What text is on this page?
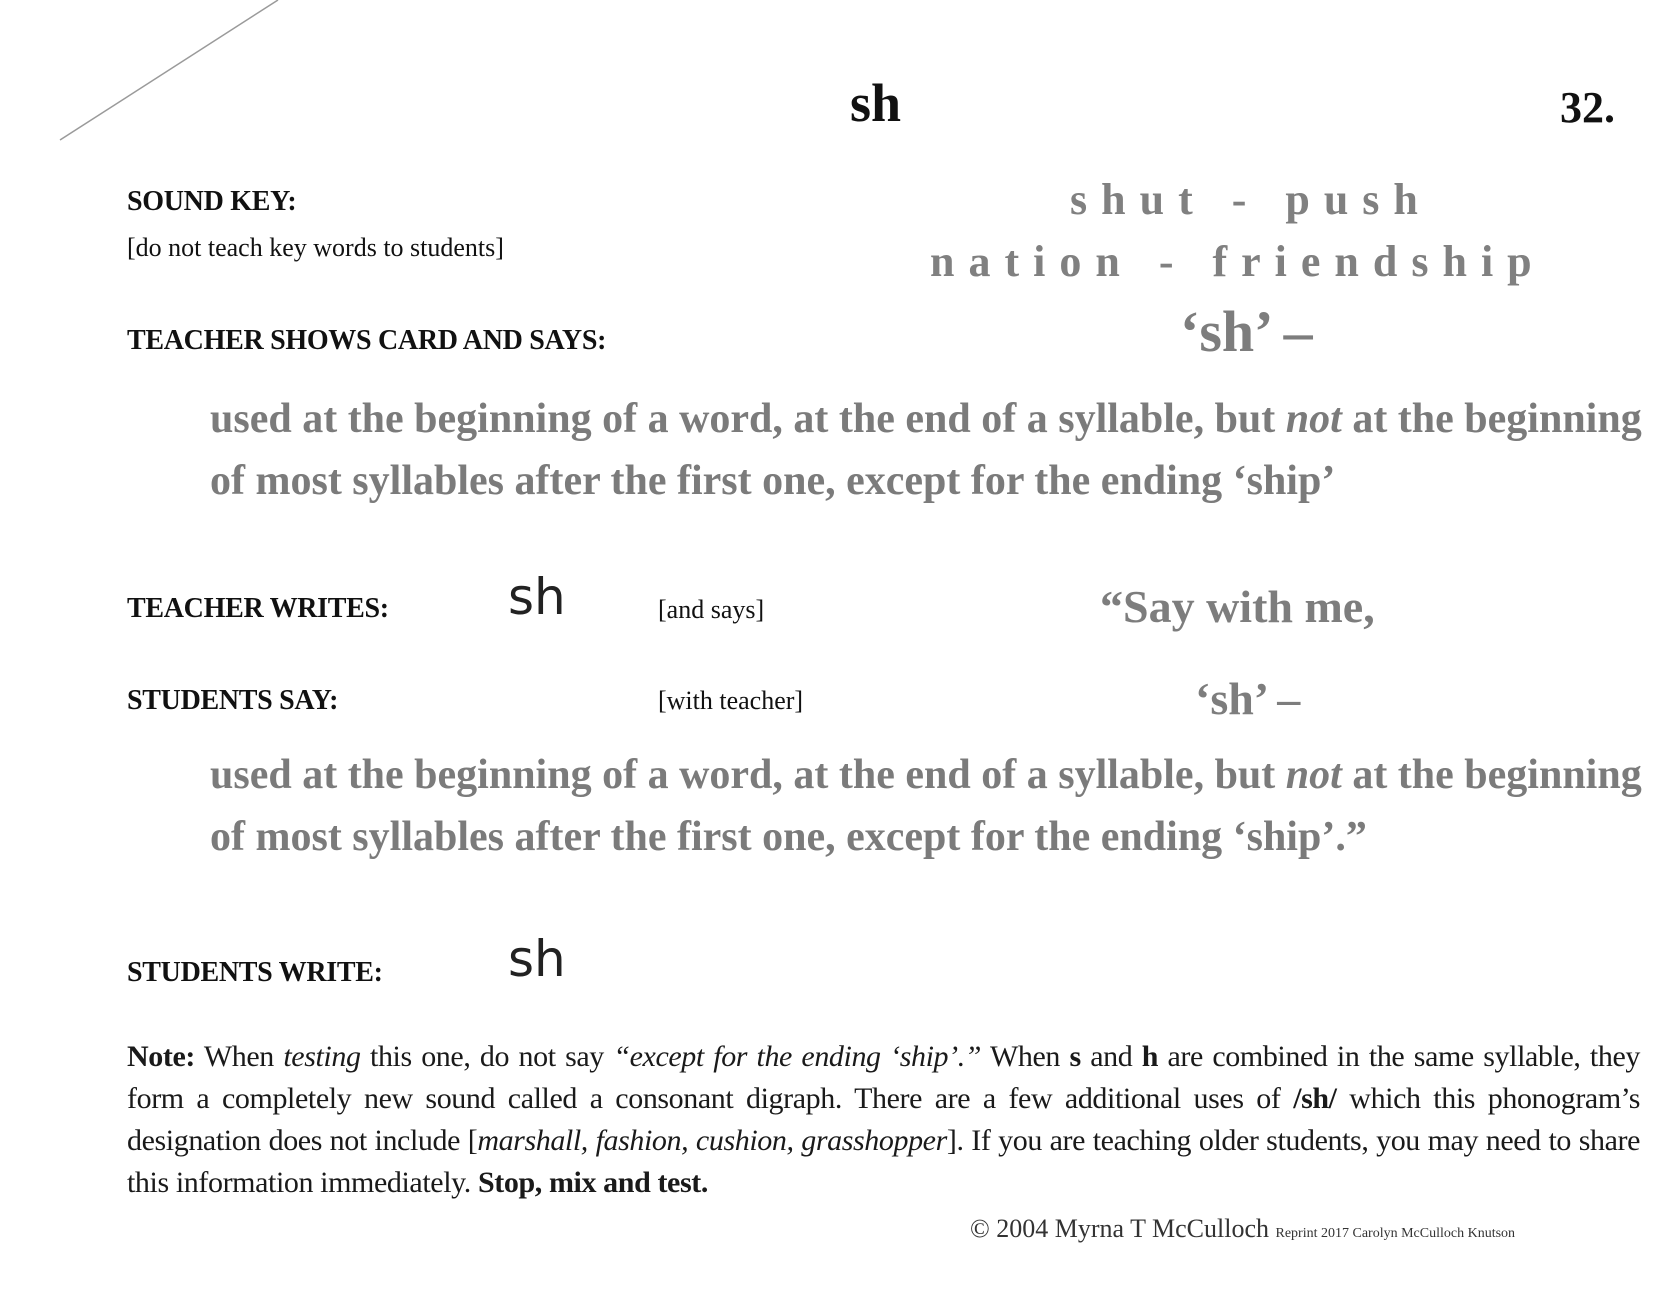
sh	32.
SOUND KEY:
[do not teach key words to students]
shut - push
nation - friendship
TEACHER SHOWS CARD AND SAYS:	‘sh’ –
used at the beginning of a word, at the end of a syllable, but not at the beginning of most syllables after the first one, except for the ending ‘ship’
TEACHER WRITES: sh	[and says]	“Say with me,
STUDENTS SAY:	[with teacher]	‘sh’ –
used at the beginning of a word, at the end of a syllable, but not at the beginning of most syllables after the first one, except for the ending ‘ship’.”
STUDENTS WRITE:	sh
Note: When testing this one, do not say “except for the ending ‘ship’.” When s and h are combined in the same syllable, they form a completely new sound called a consonant digraph. There are a few additional uses of /sh/ which this phonogram’s designation does not include [marshall, fashion, cushion, grasshopper]. If you are teaching older students, you may need to share this information immediately. Stop, mix and test.
© 2004 Myrna T McCulloch Reprint 2017 Carolyn McCulloch Knutson
